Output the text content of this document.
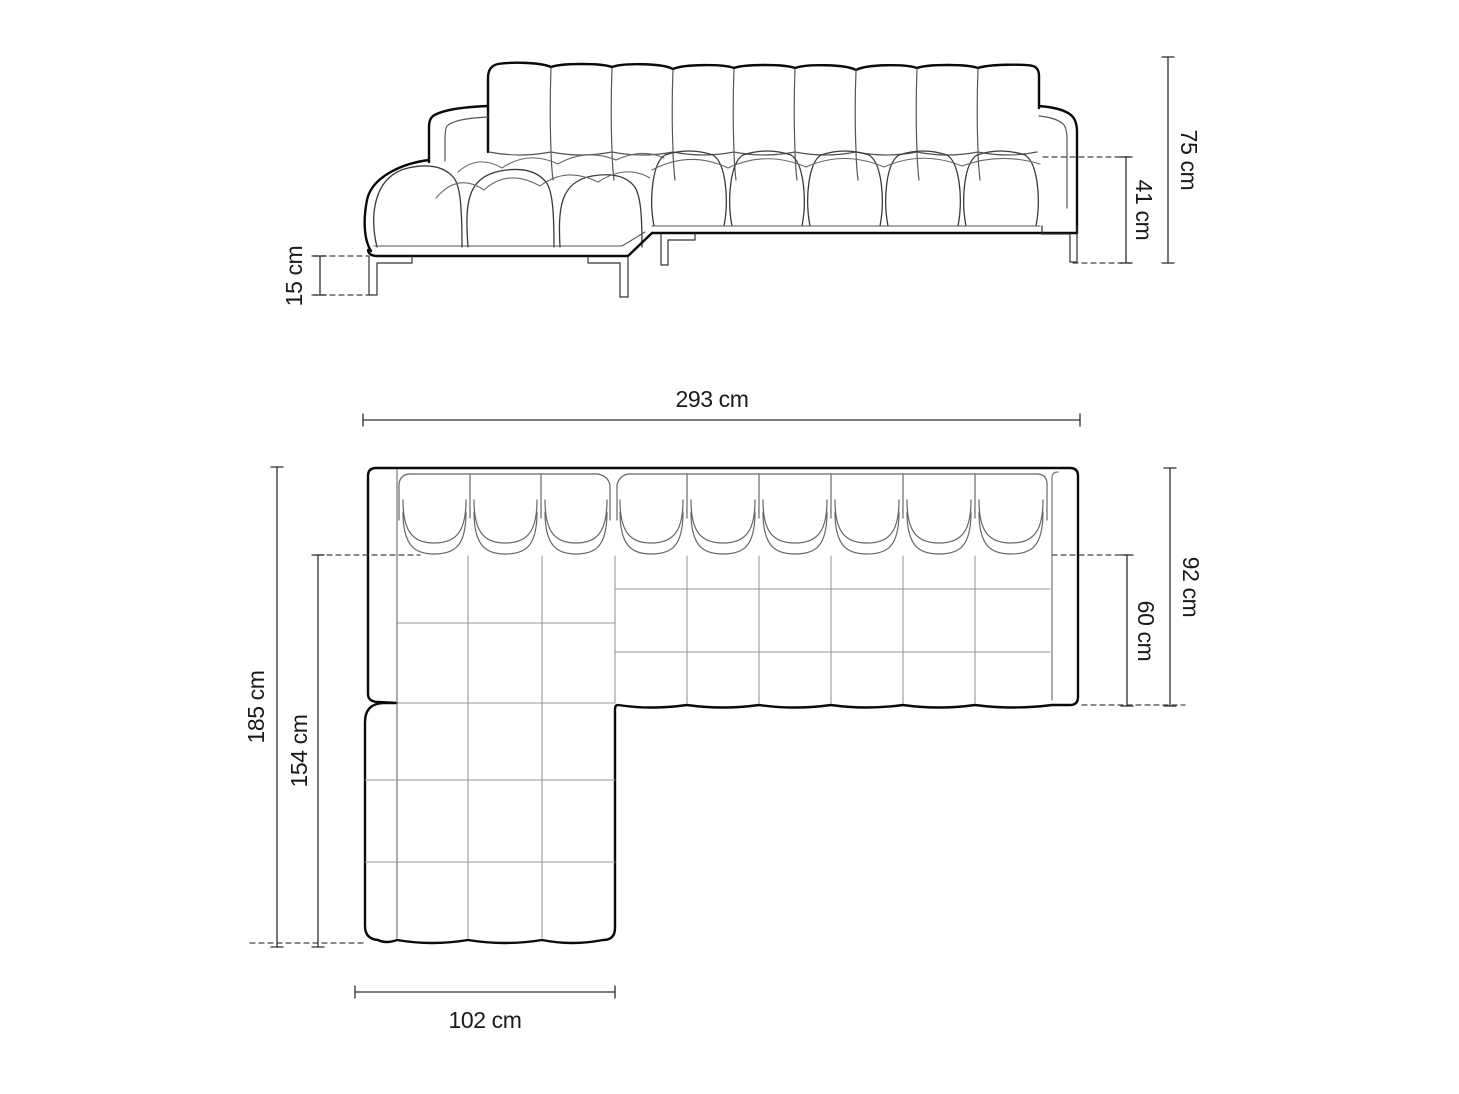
75 cm
41 cm
15 cm
293 cm
185 cm
154 cm
92 cm
60 cm
102 cm
